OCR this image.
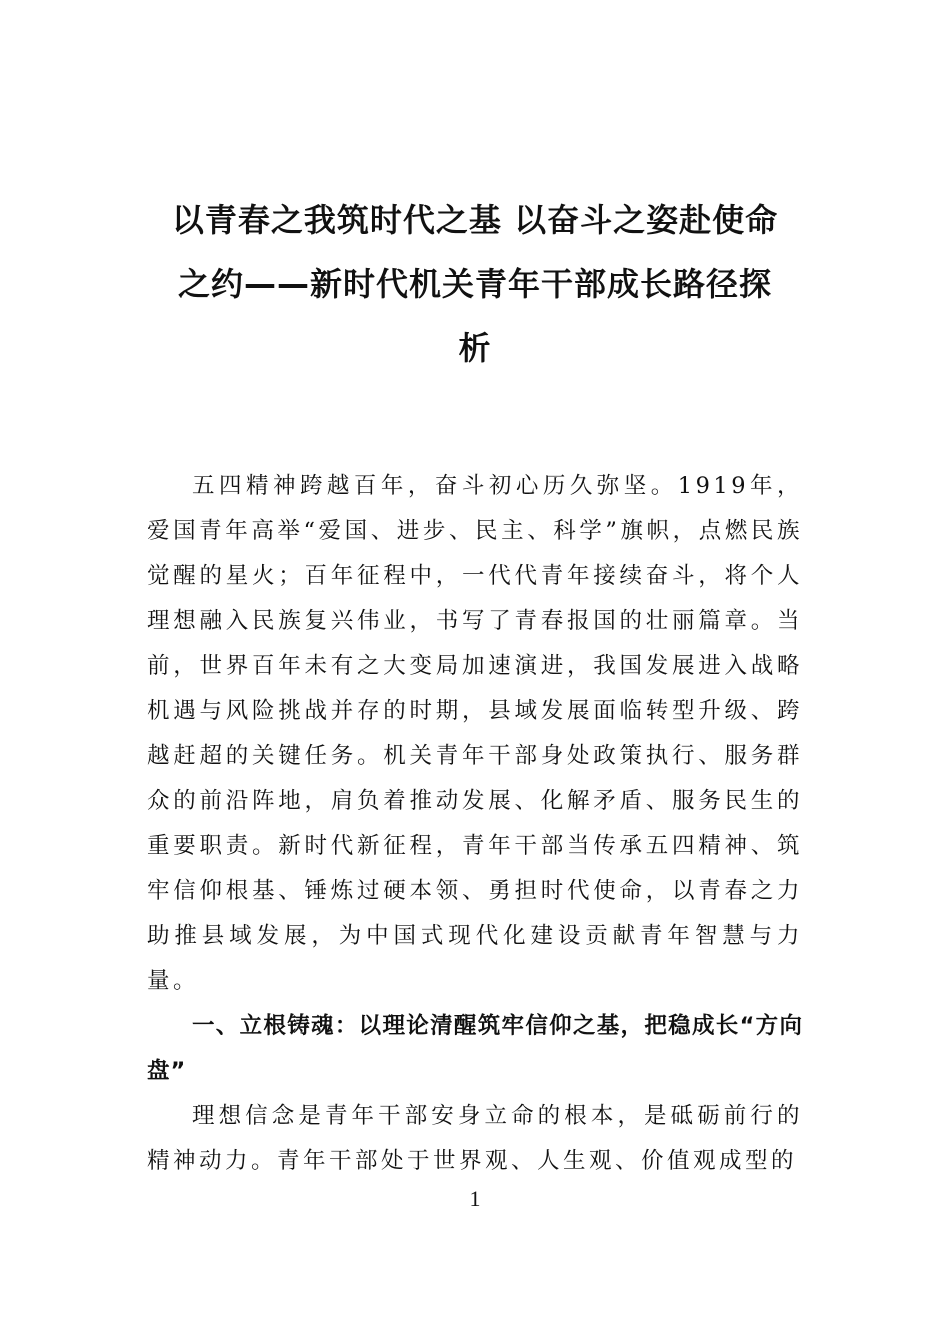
以青春之我筑时代之基 以奋斗之姿赴使命
之约——新时代机关青年干部成长路径探
析

五四精神跨越百年，奋斗初心历久弥坚。1919年，爱国青年高举“爱国、进步、民主、科学”旗帜，点燃民族觉醒的星火；百年征程中，一代代青年接续奋斗，将个人理想融入民族复兴伟业，书写了青春报国的壮丽篇章。当前，世界百年未有之大变局加速演进，我国发展进入战略机遇与风险挑战并存的时期，县域发展面临转型升级、跨越赶超的关键任务。机关青年干部身处政策执行、服务群众的前沿阵地，肩负着推动发展、化解矛盾、服务民生的重要职责。新时代新征程，青年干部当传承五四精神、筑牢信仰根基、锤炼过硬本领、勇担时代使命，以青春之力助推县域发展，为中国式现代化建设贡献青年智慧与力量。

一、立根铸魂：以理论清醒筑牢信仰之基，把稳成长“方向盘”

理想信念是青年干部安身立命的根本，是砥砺前行的精神动力。青年干部处于世界观、人生观、价值观成型的

1
